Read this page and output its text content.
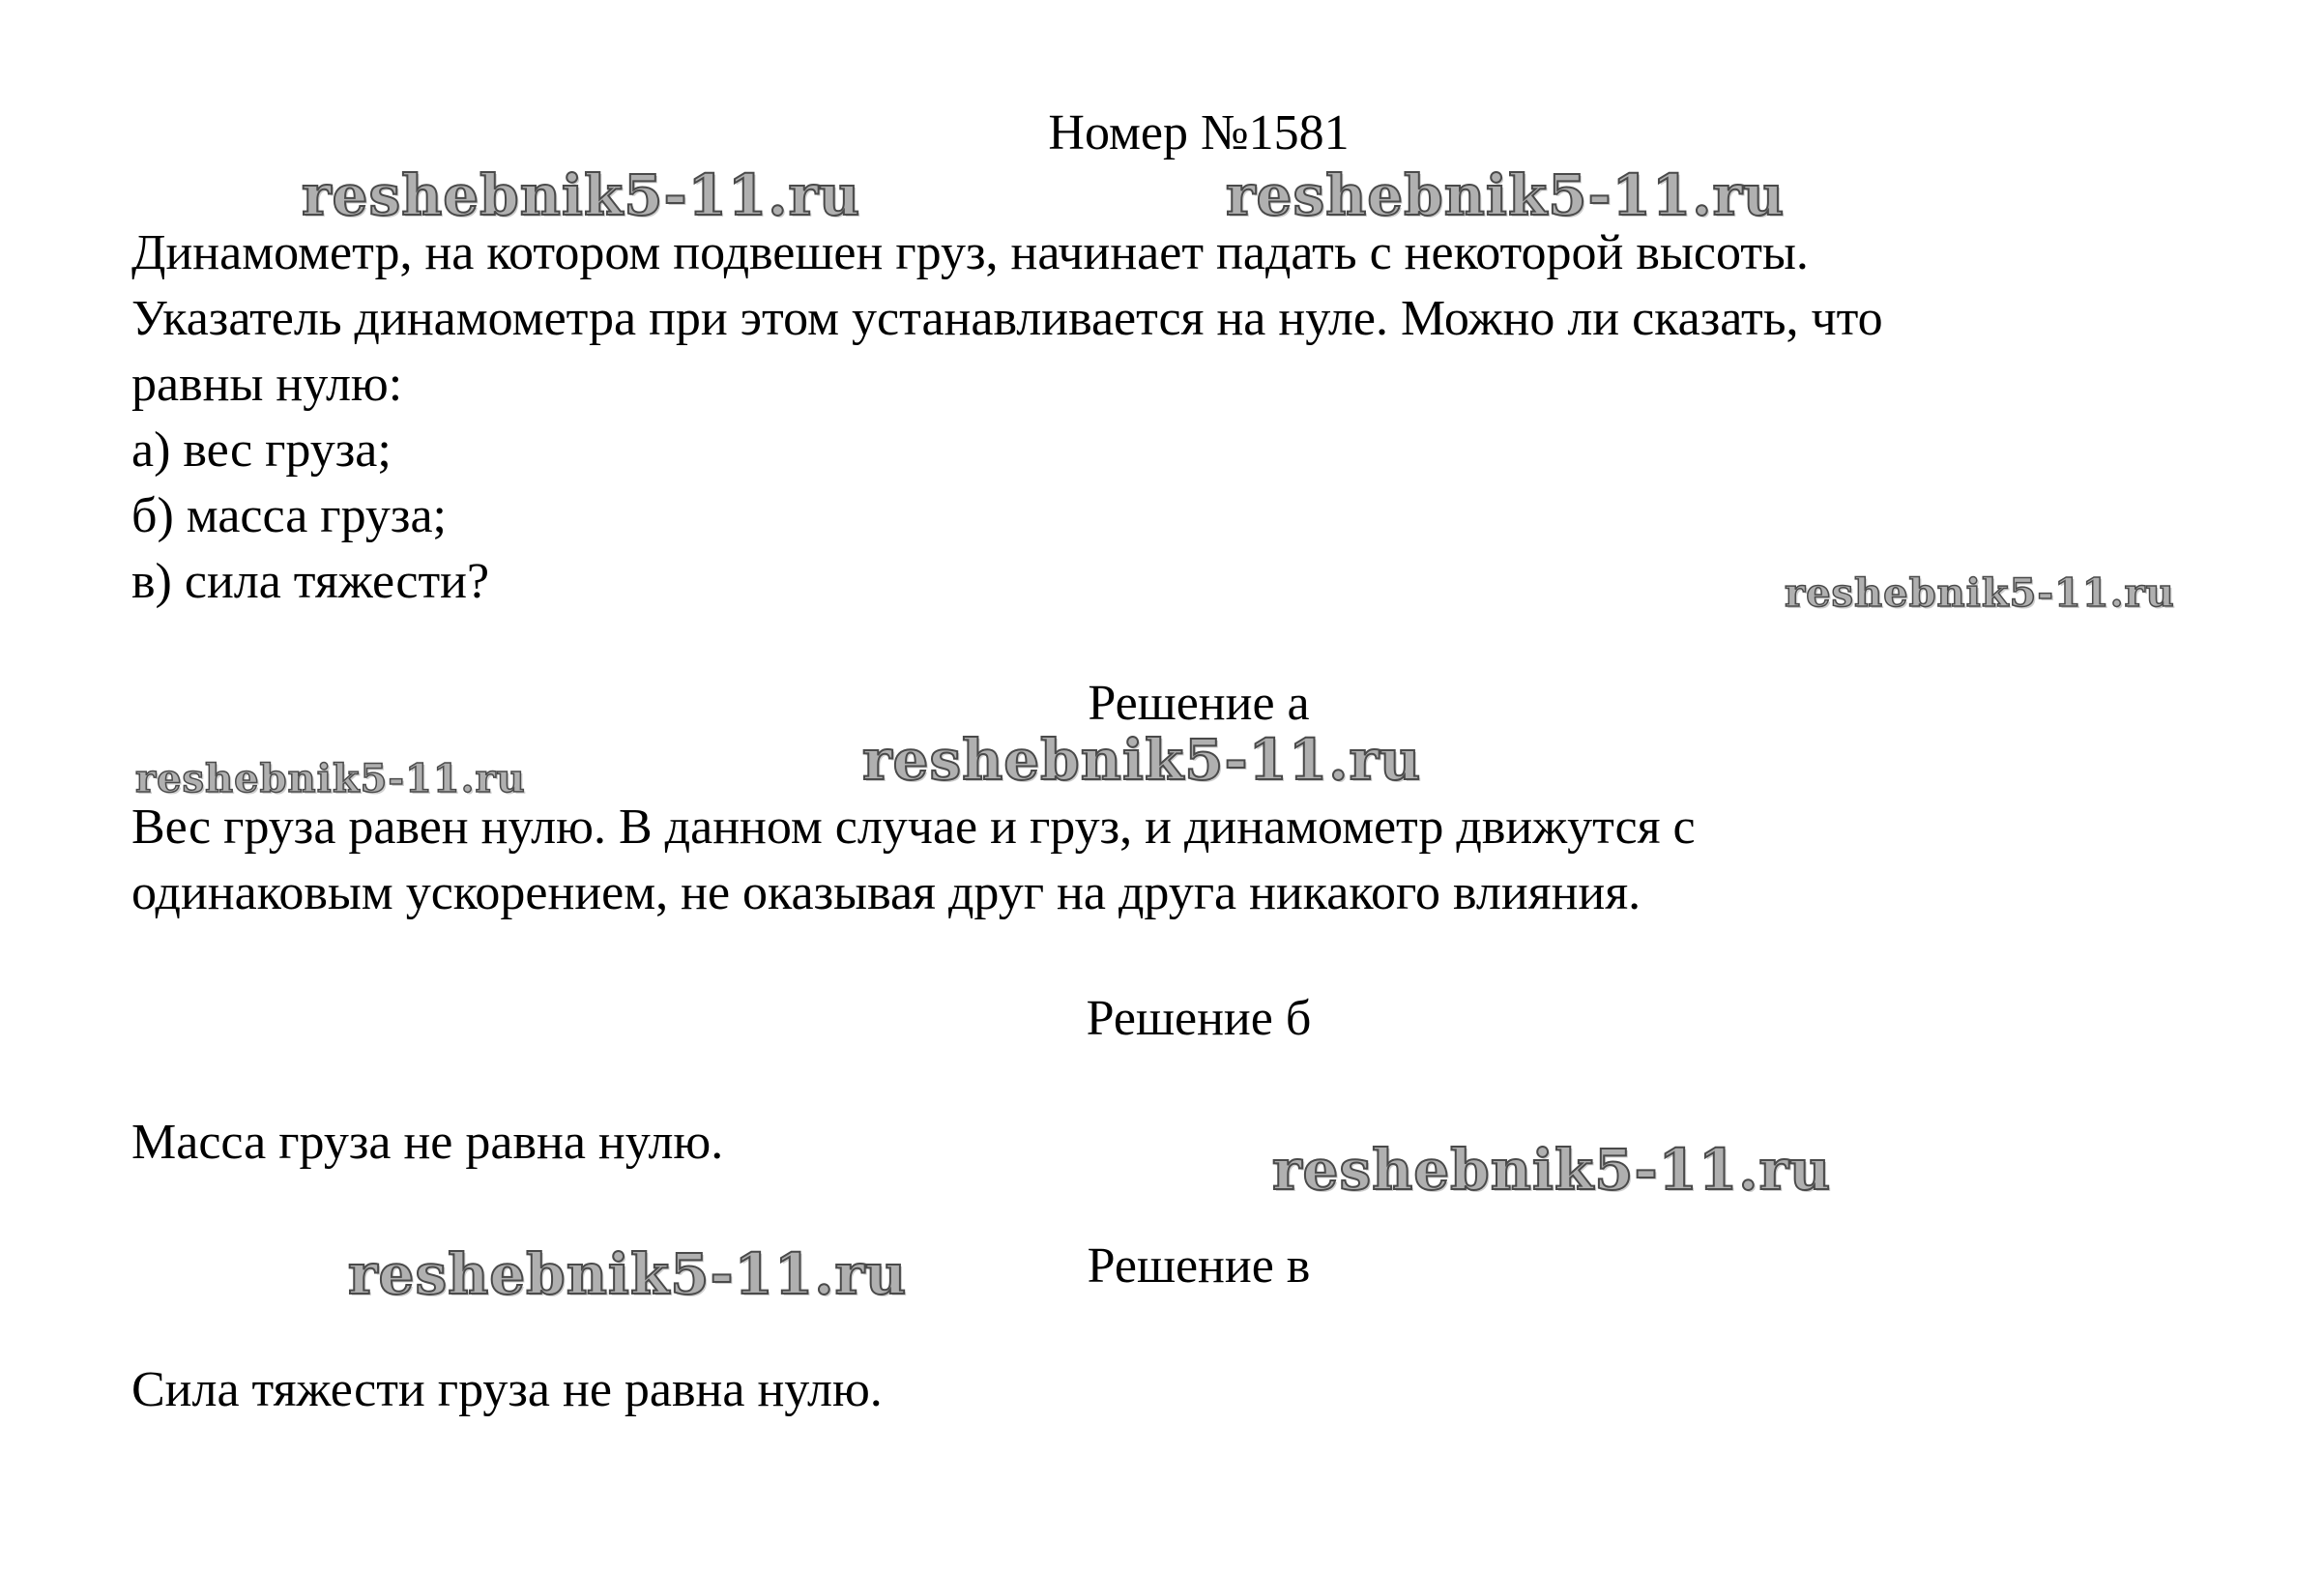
Номер №1581
reshebnik5-11.ru	reshebnik5-11.ru
reshebnik5-11.ru
reshebnik5-11.ru	reshebnik5-11.ru
reshebnik5-11.ru
reshebnik5-11.ru
Динамометр, на котором подвешен груз, начинает падать с некоторой высоты.
Указатель динамометра при этом устанавливается на нуле. Можно ли сказать, что
равны нулю:
а) вес груза;
б) масса груза;
в) сила тяжести?
Решение а
Вес груза равен нулю. В данном случае и груз, и динамометр движутся с
одинаковым ускорением, не оказывая друг на друга никакого влияния.
Решение б
Масса груза не равна нулю.
Решение в
Сила тяжести груза не равна нулю.
